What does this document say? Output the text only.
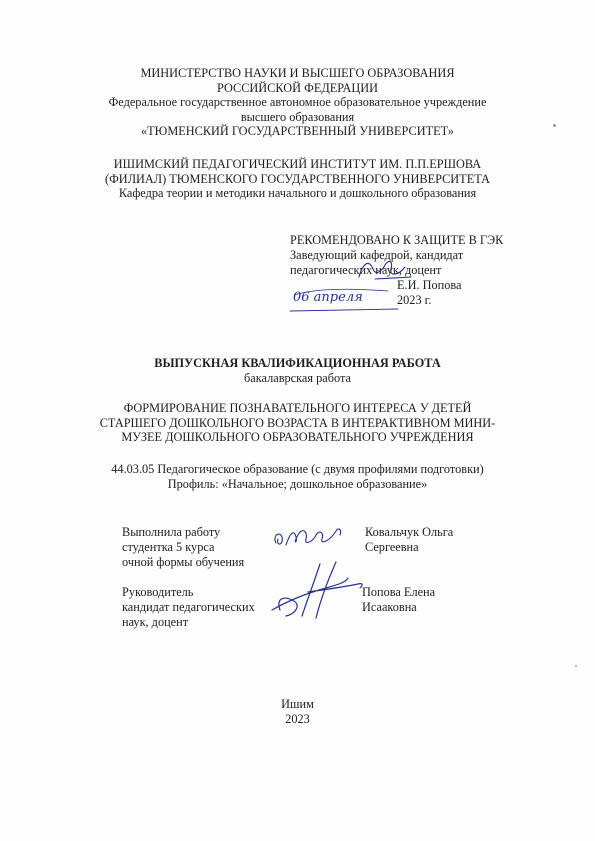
МИНИСТЕРСТВО НАУКИ И ВЫСШЕГО ОБРАЗОВАНИЯ
РОССИЙСКОЙ ФЕДЕРАЦИИ
Федеральное государственное автономное образовательное учреждение
высшего образования
«ТЮМЕНСКИЙ ГОСУДАРСТВЕННЫЙ УНИВЕРСИТЕТ»
ИШИМСКИЙ ПЕДАГОГИЧЕСКИЙ ИНСТИТУТ ИМ. П.П.ЕРШОВА
(ФИЛИАЛ) ТЮМЕНСКОГО ГОСУДАРСТВЕННОГО УНИВЕРСИТЕТА
Кафедра теории и методики начального и дошкольного образования
РЕКОМЕНДОВАНО К ЗАЩИТЕ В ГЭК
Заведующий кафедрой, кандидат
педагогических наук, доцент
Е.И. Попова
2023 г.
06 апреля
ВЫПУСКНАЯ КВАЛИФИКАЦИОННАЯ РАБОТА
бакалаврская работа
ФОРМИРОВАНИЕ ПОЗНАВАТЕЛЬНОГО ИНТЕРЕСА У ДЕТЕЙ
СТАРШЕГО ДОШКОЛЬНОГО ВОЗРАСТА В ИНТЕРАКТИВНОМ МИНИ-
МУЗЕЕ ДОШКОЛЬНОГО ОБРАЗОВАТЕЛЬНОГО УЧРЕЖДЕНИЯ
44.03.05 Педагогическое образование (с двумя профилями подготовки)
Профиль: «Начальное; дошкольное образование»
Выполнила работу
студентка 5 курса
очной формы обучения
Ковальчук Ольга
Сергеевна
Руководитель
кандидат педагогических
наук, доцент
Попова Елена
Исааковна
Ишим
2023
